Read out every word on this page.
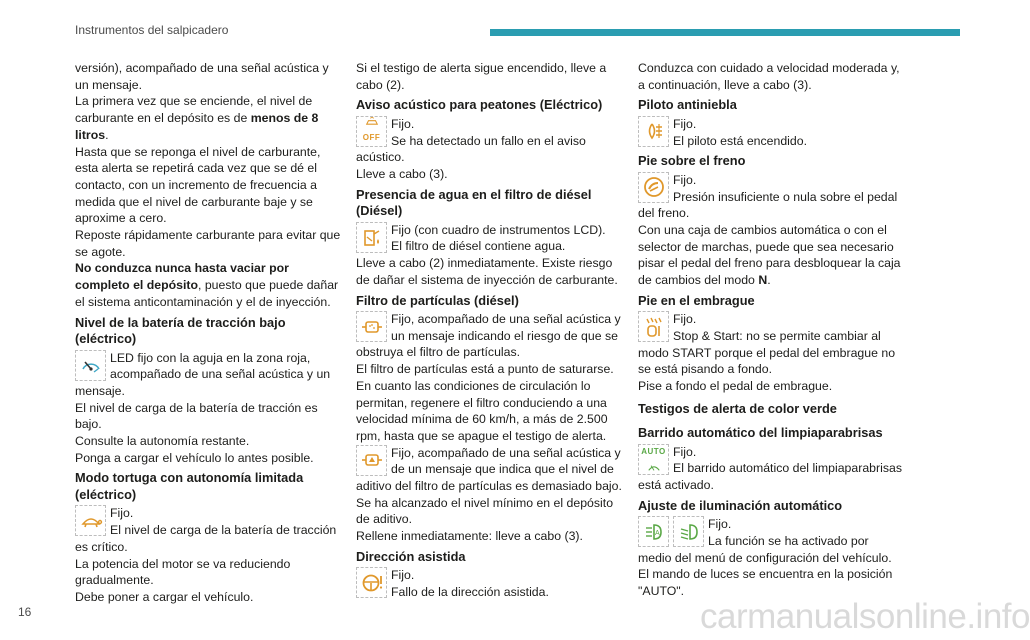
Instrumentos del salpicadero

versión), acompañado de una señal acústica y un mensaje.

La primera vez que se enciende, el nivel de carburante en el depósito es de menos de 8 litros.

Hasta que se reponga el nivel de carburante, esta alerta se repetirá cada vez que se dé el contacto, con un incremento de frecuencia a medida que el nivel de carburante baje y se aproxime a cero.

Reposte rápidamente carburante para evitar que se agote.

No conduzca nunca hasta vaciar por completo el depósito, puesto que puede dañar el sistema anticontaminación y el de inyección.

Nivel de la batería de tracción bajo (eléctrico)

LED fijo con la aguja en la zona roja, acompañado de una señal acústica y un mensaje.

El nivel de carga de la batería de tracción es bajo.

Consulte la autonomía restante.

Ponga a cargar el vehículo lo antes posible.

Modo tortuga con autonomía limitada (eléctrico)

Fijo.

El nivel de carga de la batería de tracción es crítico.

La potencia del motor se va reduciendo gradualmente.

Debe poner a cargar el vehículo.

Si el testigo de alerta sigue encendido, lleve a cabo (2).

Aviso acústico para peatones (Eléctrico)
OFF

Fijo.

Se ha detectado un fallo en el aviso acústico.

Lleve a cabo (3).

Presencia de agua en el filtro de diésel (Diésel)

Fijo (con cuadro de instrumentos LCD).

El filtro de diésel contiene agua.

Lleve a cabo (2) inmediatamente. Existe riesgo de dañar el sistema de inyección de carburante.

Filtro de partículas (diésel)

Fijo, acompañado de una señal acústica y un mensaje indicando el riesgo de que se obstruya el filtro de partículas.

El filtro de partículas está a punto de saturarse.

En cuanto las condiciones de circulación lo permitan, regenere el filtro conduciendo a una velocidad mínima de 60 km/h, a más de 2.500 rpm, hasta que se apague el testigo de alerta.

Fijo, acompañado de una señal acústica y de un mensaje que indica que el nivel de aditivo del filtro de partículas es demasiado bajo.

Se ha alcanzado el nivel mínimo en el depósito de aditivo.

Rellene inmediatamente: lleve a cabo (3).

Dirección asistida

Fijo.

Fallo de la dirección asistida.

Conduzca con cuidado a velocidad moderada y, a continuación, lleve a cabo (3).

Piloto antiniebla

Fijo.

El piloto está encendido.

Pie sobre el freno

Fijo.

Presión insuficiente o nula sobre el pedal del freno.

Con una caja de cambios automática o con el selector de marchas, puede que sea necesario pisar el pedal del freno para desbloquear la caja de cambios del modo N.

Pie en el embrague

Fijo.

Stop & Start: no se permite cambiar al modo START porque el pedal del embrague no se está pisando a fondo.

Pise a fondo el pedal de embrague.

Testigos de alerta de color verde
Barrido automático del limpiaparabrisas
AUTO Fijo.

El barrido automático del limpiaparabrisas está activado.

Ajuste de iluminación automático
A

Fijo.

La función se ha activado por medio del menú de configuración del vehículo.

El mando de luces se encuentra en la posición "AUTO".

16	carmanualsonline.info
